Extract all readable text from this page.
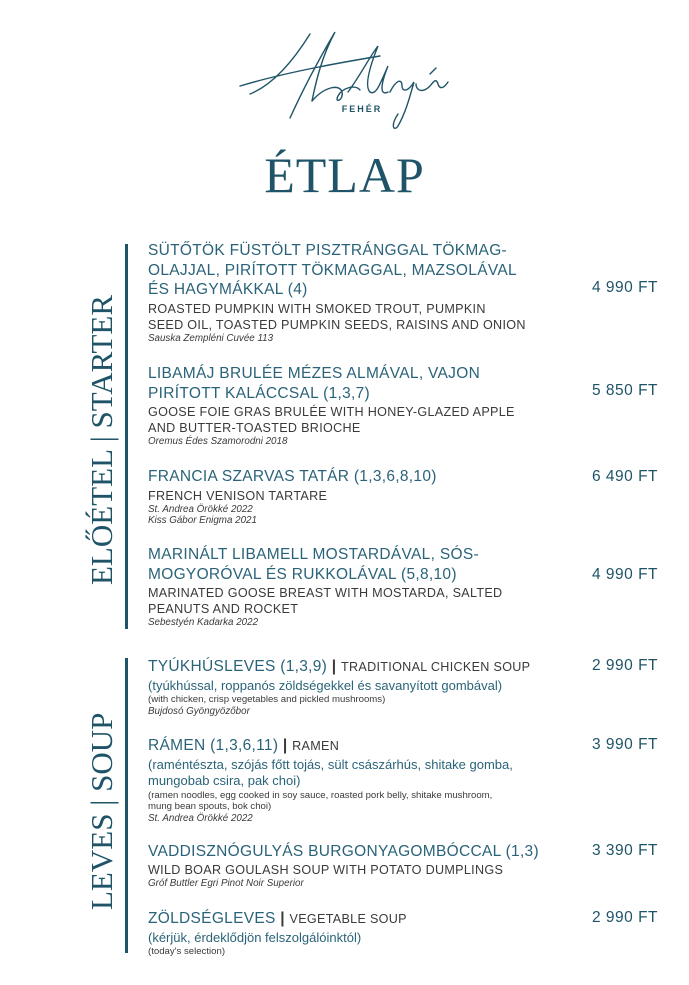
FEHÉR
ÉTLAP
ELŐÉTEL | STARTER
SÜTŐTÖK FÜSTÖLT PISZTRÁNGGAL TÖKMAG-
OLAJJAL, PIRÍTOTT TÖKMAGGAL, MAZSOLÁVAL
ÉS HAGYMÁKKAL (4)
ROASTED PUMPKIN WITH SMOKED TROUT, PUMPKIN
SEED OIL, TOASTED PUMPKIN SEEDS, RAISINS AND ONION
Sauska Zempléni Cuvée 113
4 990 FT
LIBAMÁJ BRULÉE MÉZES ALMÁVAL, VAJON
PIRÍTOTT KALÁCCSAL (1,3,7)
GOOSE FOIE GRAS BRULÉE WITH HONEY-GLAZED APPLE
AND BUTTER-TOASTED BRIOCHE
Oremus Édes Szamorodni 2018
5 850 FT
FRANCIA SZARVAS TATÁR (1,3,6,8,10)
FRENCH VENISON TARTARE
St. Andrea Örökké 2022
Kiss Gábor Enigma 2021
6 490 FT
MARINÁLT LIBAMELL MOSTARDÁVAL, SÓS-
MOGYORÓVAL ÉS RUKKOLÁVAL (5,8,10)
MARINATED GOOSE BREAST WITH MOSTARDA, SALTED
PEANUTS AND ROCKET
Sebestyén Kadarka 2022
4 990 FT
LEVES | SOUP
TYÚKHÚSLEVES (1,3,9) | TRADITIONAL CHICKEN SOUP
(tyúkhússal, roppanós zöldségekkel és savanyított gombával)
(with chicken, crisp vegetables and pickled mushrooms)
Bujdosó Gyöngyözőbor
2 990 FT
RÁMEN (1,3,6,11) | RAMEN
(raméntészta, szójás főtt tojás, sült császárhús, shitake gomba,
mungobab csira, pak choi)
(ramen noodles, egg cooked in soy sauce, roasted pork belly, shitake mushroom,
mung bean spouts, bok choi)
St. Andrea Örökké 2022
3 990 FT
VADDISZNÓGULYÁS BURGONYAGOMBÓCCAL (1,3)
WILD BOAR GOULASH SOUP WITH POTATO DUMPLINGS
Gróf Buttler Egri Pinot Noir Superior
3 390 FT
ZÖLDSÉGLEVES | VEGETABLE SOUP
(kérjük, érdeklődjön felszolgálóinktól)
(today's selection)
2 990 FT
